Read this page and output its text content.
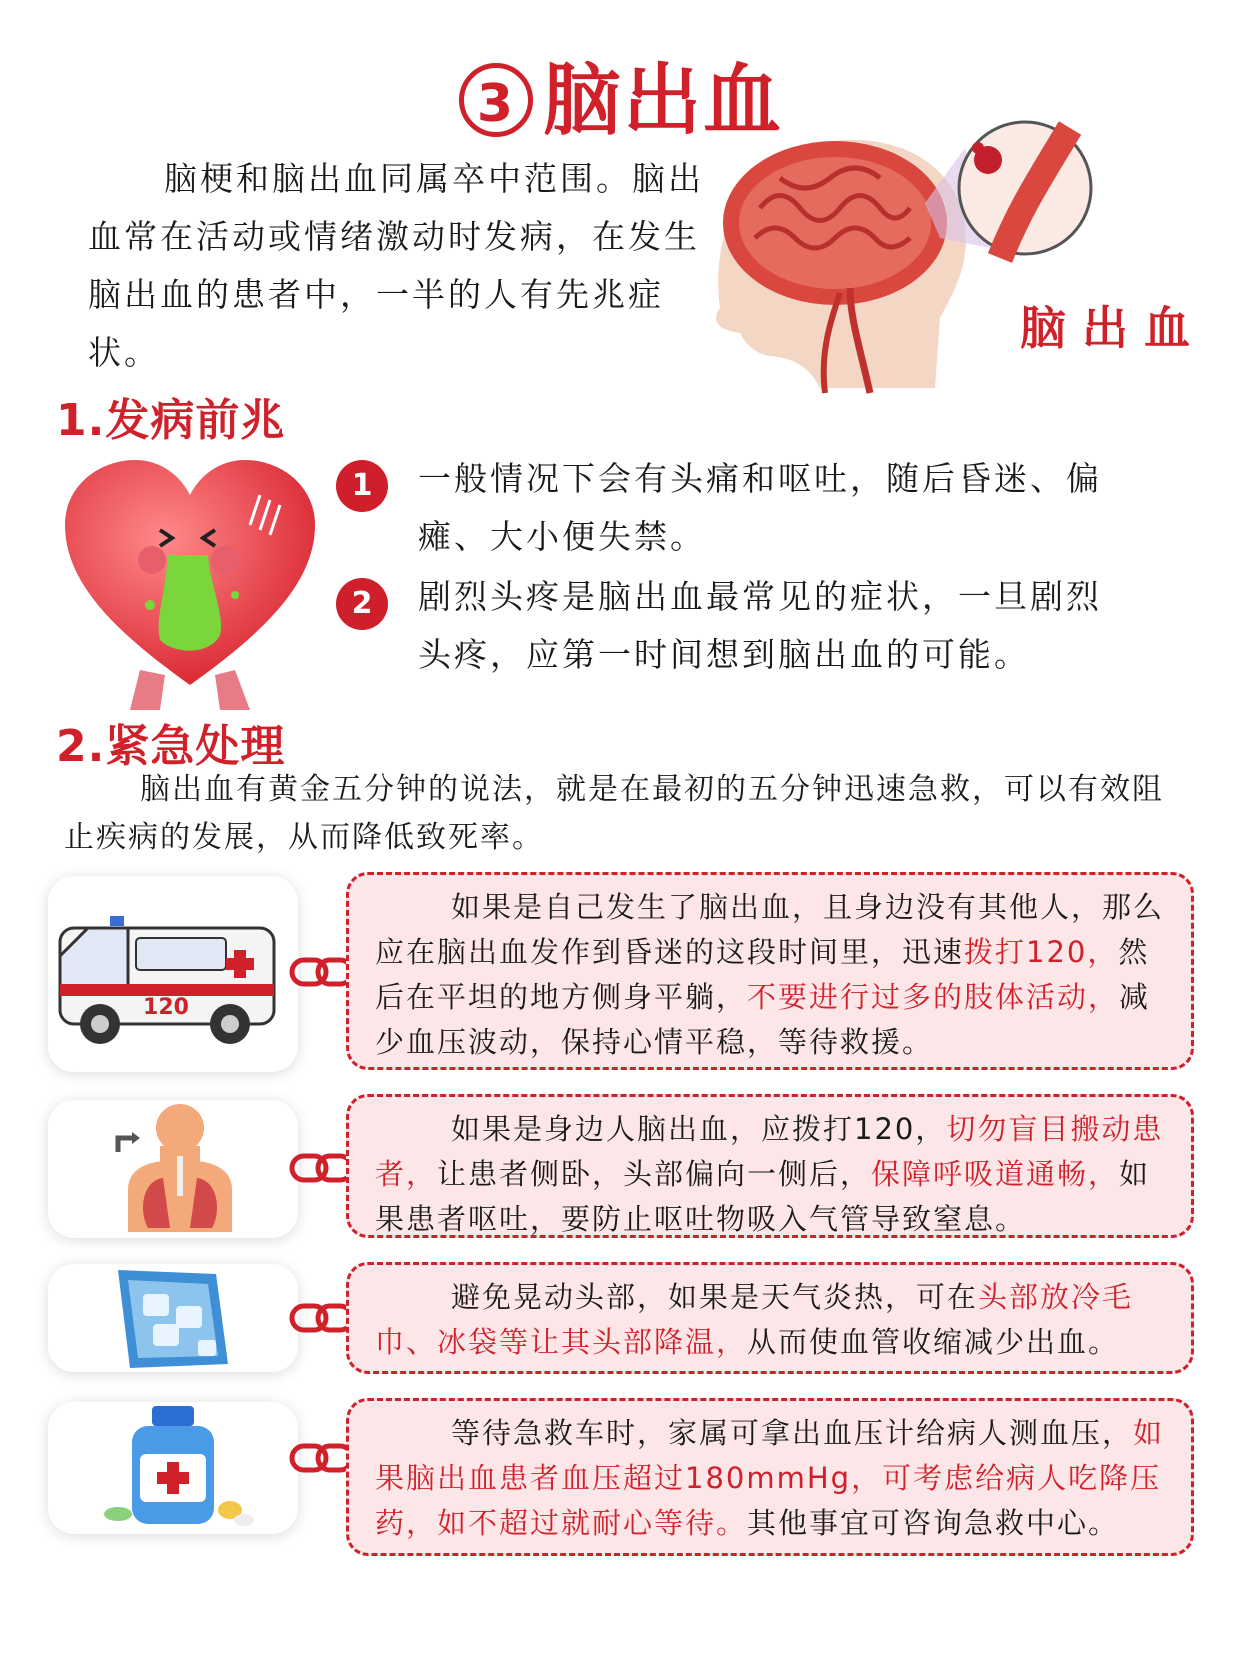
3 脑出血
脑梗和脑出血同属卒中范围。脑出血常在活动或情绪激动时发病，在发生脑出血的患者中，一半的人有先兆症状。	脑出血
1.发病前兆
1	一般情况下会有头痛和呕吐，随后昏迷、偏瘫、大小便失禁。
2	剧烈头疼是脑出血最常见的症状，一旦剧烈头疼，应第一时间想到脑出血的可能。
2.紧急处理
脑出血有黄金五分钟的说法，就是在最初的五分钟迅速急救，可以有效阻止疾病的发展，从而降低致死率。
120
如果是自己发生了脑出血，且身边没有其他人，那么应在脑出血发作到昏迷的这段时间里，迅速拨打120，然后在平坦的地方侧身平躺，不要进行过多的肢体活动，减少血压波动，保持心情平稳，等待救援。
如果是身边人脑出血，应拨打120，切勿盲目搬动患者，让患者侧卧，头部偏向一侧后，保障呼吸道通畅，如果患者呕吐，要防止呕吐物吸入气管导致窒息。
避免晃动头部，如果是天气炎热，可在头部放冷毛巾、冰袋等让其头部降温，从而使血管收缩减少出血。
等待急救车时，家属可拿出血压计给病人测血压，如果脑出血患者血压超过180mmHg，可考虑给病人吃降压药，如不超过就耐心等待。其他事宜可咨询急救中心。
